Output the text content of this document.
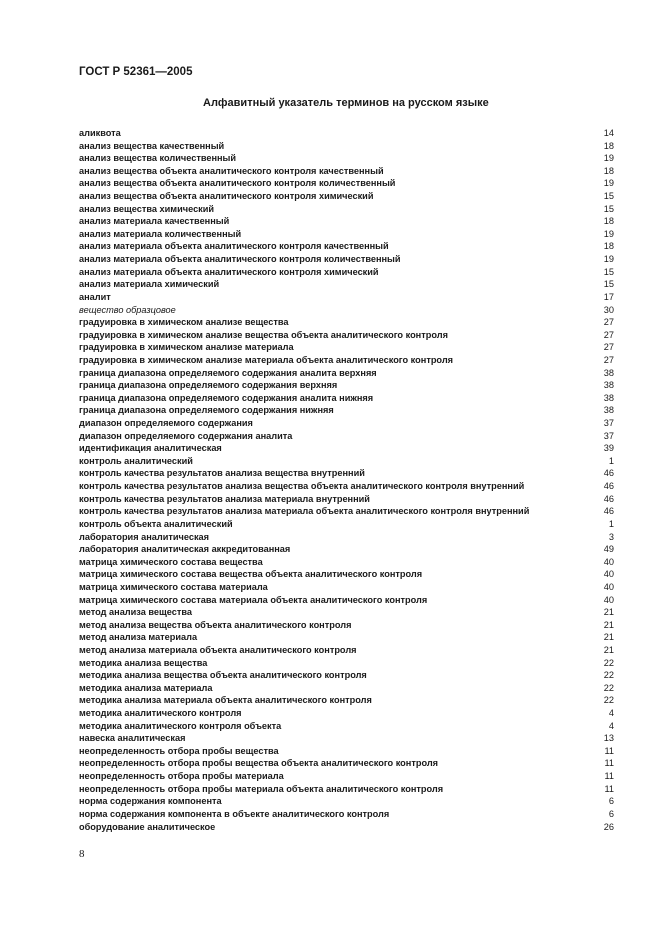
ГОСТ Р 52361—2005
Алфавитный указатель терминов на русском языке
аликвота	14
анализ вещества качественный	18
анализ вещества количественный	19
анализ вещества объекта аналитического контроля качественный	18
анализ вещества объекта аналитического контроля количественный	19
анализ вещества объекта аналитического контроля химический	15
анализ вещества химический	15
анализ материала качественный	18
анализ материала количественный	19
анализ материала объекта аналитического контроля качественный	18
анализ материала объекта аналитического контроля количественный	19
анализ материала объекта аналитического контроля химический	15
анализ материала химический	15
аналит	17
вещество образцовое	30
градуировка в химическом анализе вещества	27
градуировка в химическом анализе вещества объекта аналитического контроля	27
градуировка в химическом анализе материала	27
градуировка в химическом анализе материала объекта аналитического контроля	27
граница диапазона определяемого содержания аналита верхняя	38
граница диапазона определяемого содержания верхняя	38
граница диапазона определяемого содержания аналита нижняя	38
граница диапазона определяемого содержания нижняя	38
диапазон определяемого содержания	37
диапазон определяемого содержания аналита	37
идентификация аналитическая	39
контроль аналитический	1
контроль качества результатов анализа вещества внутренний	46
контроль качества результатов анализа вещества объекта аналитического контроля внутренний	46
контроль качества результатов анализа материала внутренний	46
контроль качества результатов анализа материала объекта аналитического контроля внутренний	46
контроль объекта аналитический	1
лаборатория аналитическая	3
лаборатория аналитическая аккредитованная	49
матрица химического состава вещества	40
матрица химического состава вещества объекта аналитического контроля	40
матрица химического состава материала	40
матрица химического состава материала объекта аналитического контроля	40
метод анализа вещества	21
метод анализа вещества объекта аналитического контроля	21
метод анализа материала	21
метод анализа материала объекта аналитического контроля	21
методика анализа вещества	22
методика анализа вещества объекта аналитического контроля	22
методика анализа материала	22
методика анализа материала объекта аналитического контроля	22
методика аналитического контроля	4
методика аналитического контроля объекта	4
навеска аналитическая	13
неопределенность отбора пробы вещества	11
неопределенность отбора пробы вещества объекта аналитического контроля	11
неопределенность отбора пробы материала	11
неопределенность отбора пробы материала объекта аналитического контроля	11
норма содержания компонента	6
норма содержания компонента в объекте аналитического контроля	6
оборудование аналитическое	26
8
